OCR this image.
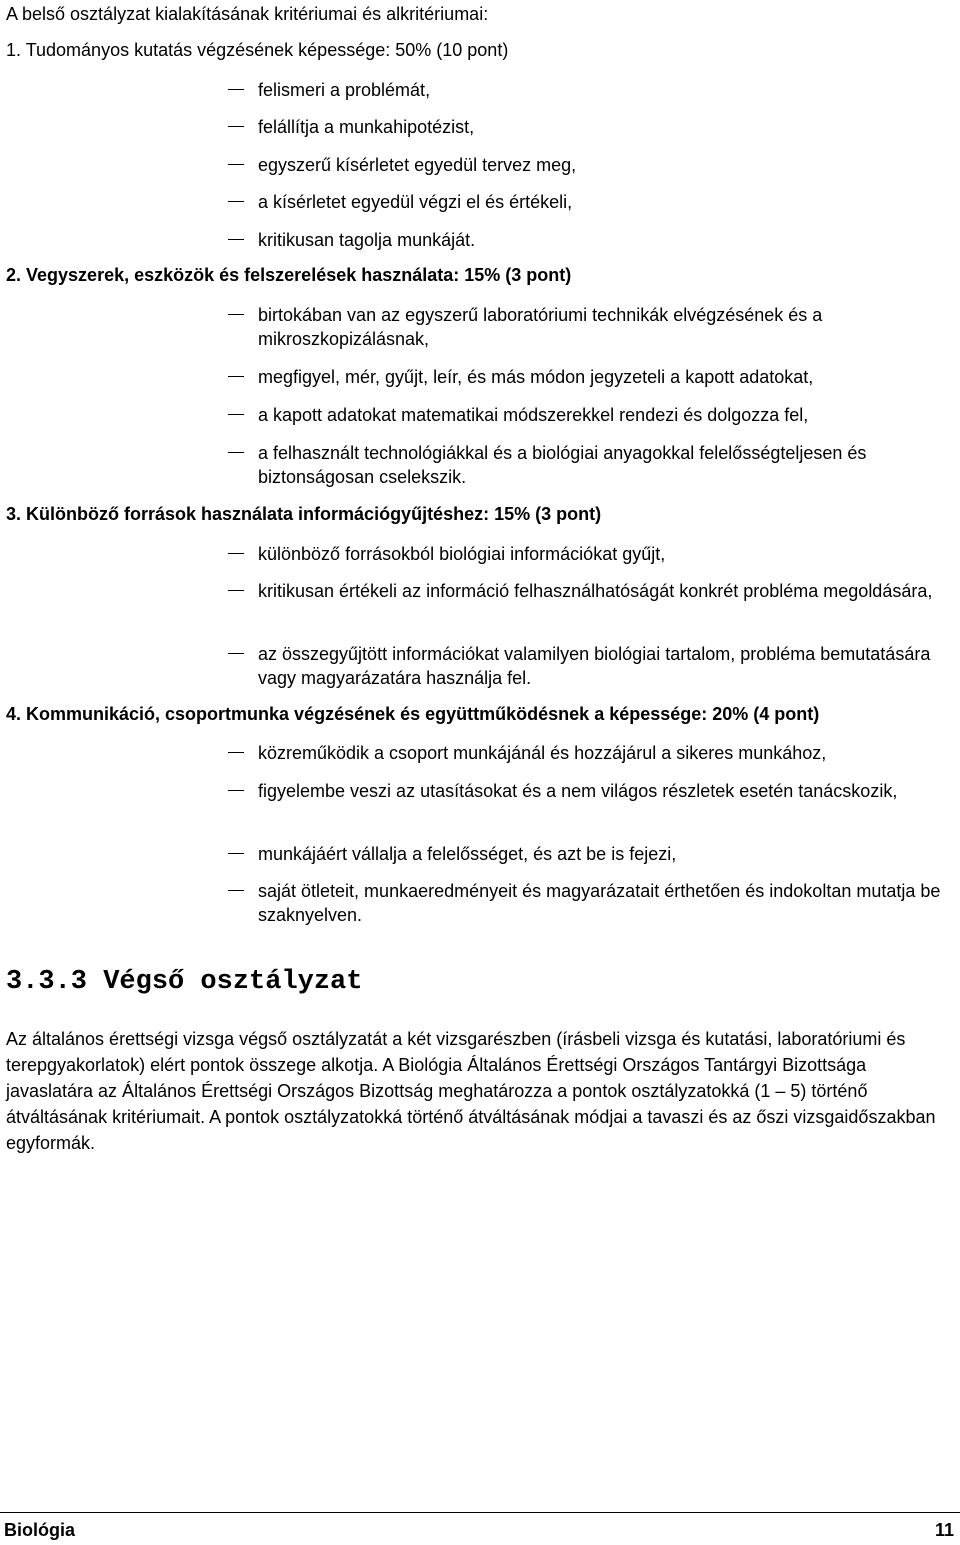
A belső osztályzat kialakításának kritériumai és alkritériumai:
1. Tudományos kutatás végzésének képessége: 50% (10 pont)
felismeri a problémát,
felállítja a munkahipotézist,
egyszerű kísérletet egyedül tervez meg,
a kísérletet egyedül végzi el és értékeli,
kritikusan tagolja munkáját.
2. Vegyszerek, eszközök és felszerelések használata: 15% (3 pont)
birtokában van az egyszerű laboratóriumi technikák elvégzésének és a mikroszkopizálásnak,
megfigyel, mér, gyűjt, leír, és más módon jegyzeteli a kapott adatokat,
a kapott adatokat matematikai módszerekkel rendezi és dolgozza fel,
a felhasznált technológiákkal és a biológiai anyagokkal felelősségteljesen és biztonságosan cselekszik.
3. Különböző források használata információgyűjtéshez: 15% (3 pont)
különböző forrásokból biológiai információkat gyűjt,
kritikusan értékeli az információ felhasználhatóságát konkrét probléma megoldására,
az összegyűjtött információkat valamilyen biológiai tartalom, probléma bemutatására vagy magyarázatára használja fel.
4. Kommunikáció, csoportmunka végzésének és együttműködésnek a képessége: 20% (4 pont)
közreműködik a csoport munkájánál és hozzájárul a sikeres munkához,
figyelembe veszi az utasításokat és a nem világos részletek esetén tanácskozik,
munkájáért vállalja a felelősséget, és azt be is fejezi,
saját ötleteit, munkaeredményeit és magyarázatait érthetően és indokoltan mutatja be szaknyelven.
3.3.3 Végső osztályzat
Az általános érettségi vizsga végső osztályzatát a két vizsgarészben (írásbeli vizsga és kutatási, laboratóriumi és terepgyakorlatok) elért pontok összege alkotja. A Biológia Általános Érettségi Országos Tantárgyi Bizottsága javaslatára az Általános Érettségi Országos Bizottság meghatározza a pontok osztályzatokká (1 – 5) történő átváltásának kritériumait. A pontok osztályzatokká történő átváltásának módjai a tavaszi és az őszi vizsgaidőszakban egyformák.
Biológia	11
